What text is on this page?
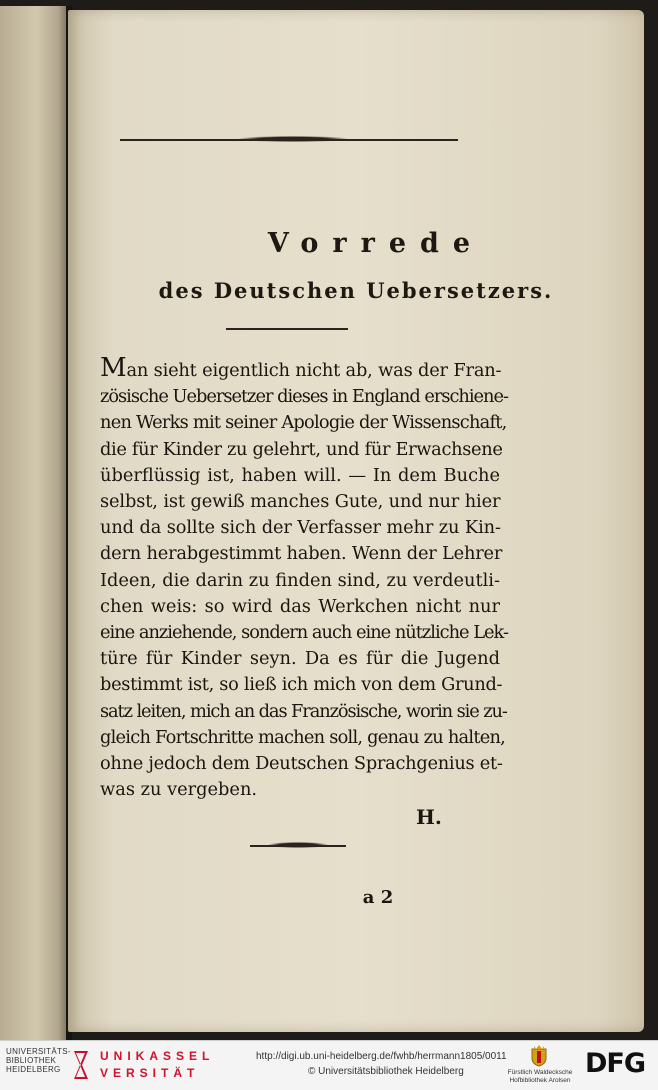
Vorrede
des Deutschen Uebersetzers.
Man sieht eigentlich nicht ab, was der Fran-
zösische Uebersetzer dieses in England erschiene-
nen Werks mit seiner Apologie der Wissenschaft,
die für Kinder zu gelehrt, und für Erwachsene
überflüssig ist, haben will. — In dem Buche
selbst, ist gewiß manches Gute, und nur hier
und da sollte sich der Verfasser mehr zu Kin-
dern herabgestimmt haben. Wenn der Lehrer
Ideen, die darin zu finden sind, zu verdeutli-
chen weis: so wird das Werkchen nicht nur
eine anziehende, sondern auch eine nützliche Lek-
türe für Kinder seyn. Da es für die Jugend
bestimmt ist, so ließ ich mich von dem Grund-
satz leiten, mich an das Französische, worin sie zu-
gleich Fortschritte machen soll, genau zu halten,
ohne jedoch dem Deutschen Sprachgenius et-
was zu vergeben.
H.
a 2
UNIVERSITÄTS-
BIBLIOTHEK
HEIDELBERG
UNIKASSEL
VERSITÄT
http://digi.ub.uni-heidelberg.de/fwhb/herrmann1805/0011
© Universitätsbibliothek Heidelberg	Fürstlich Waldecksche
Hofbibliothek Arolsen
DFG
